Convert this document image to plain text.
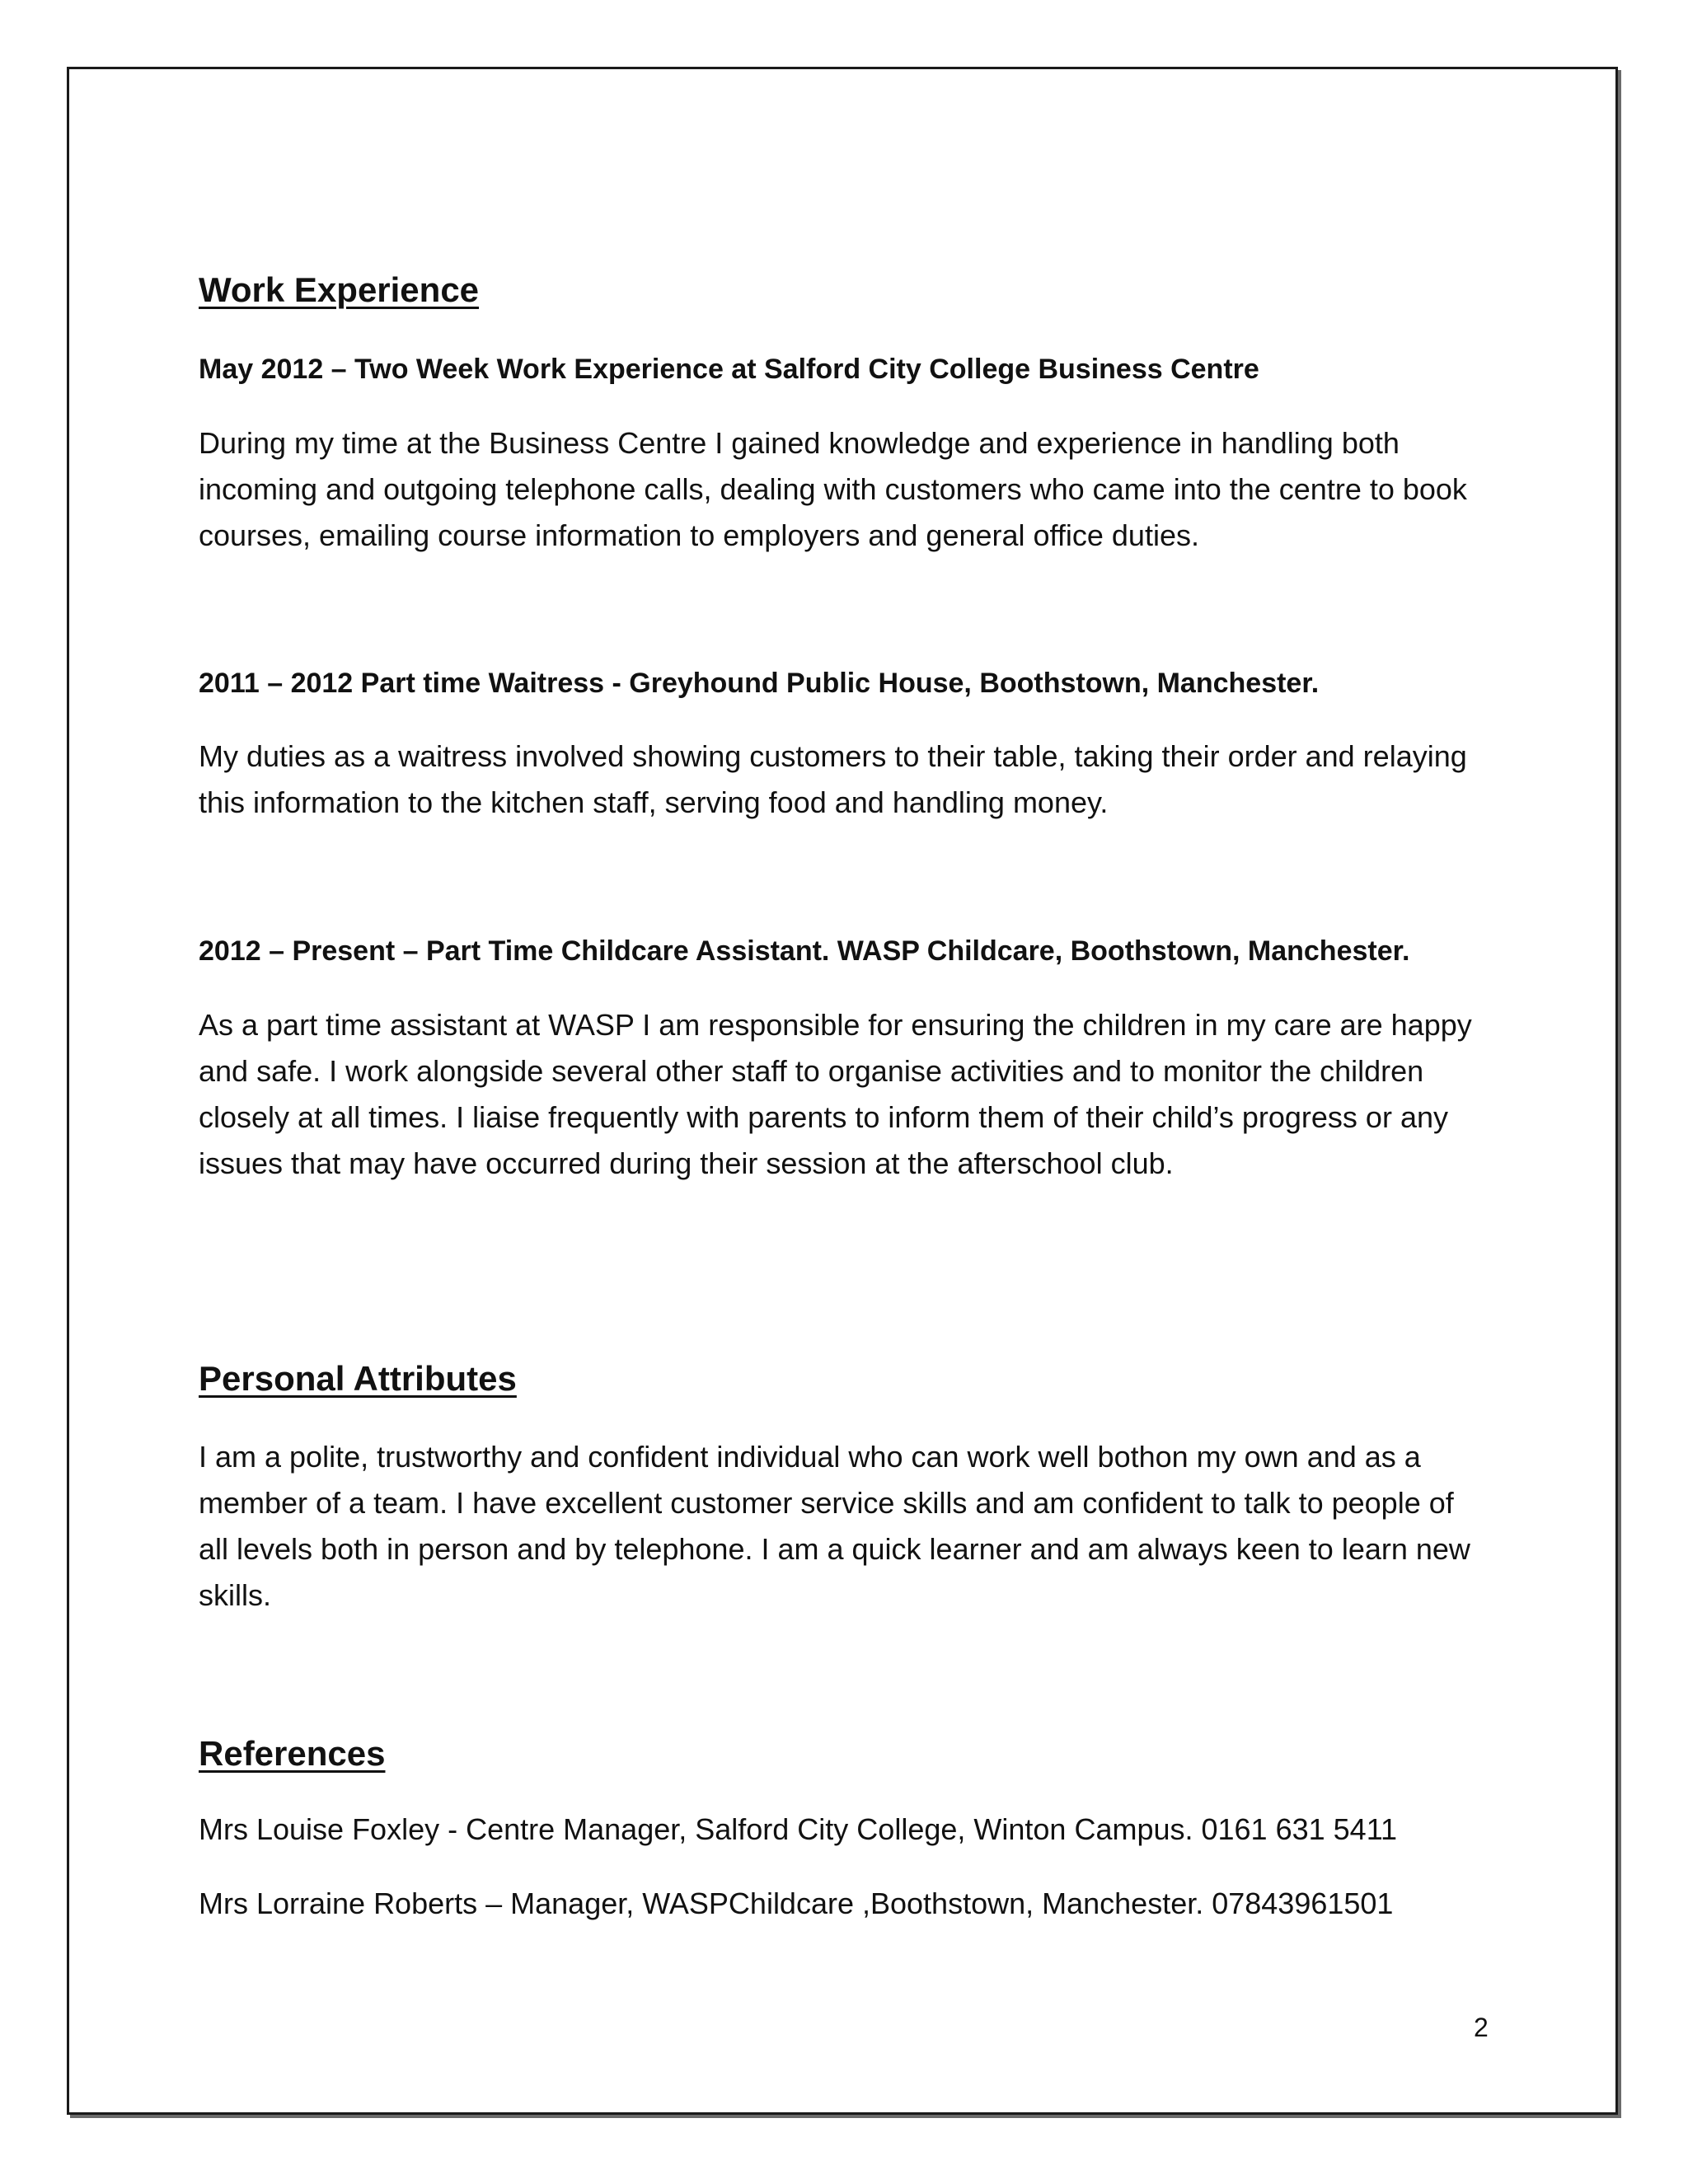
Work Experience
May 2012 – Two Week Work Experience at Salford City College Business Centre

During my time at the Business Centre I gained knowledge and experience in handling both incoming and outgoing telephone calls, dealing with customers who came into the centre to book courses, emailing course information to employers and general office duties.

2011 – 2012 Part time Waitress - Greyhound Public House, Boothstown, Manchester.

My duties as a waitress involved showing customers to their table, taking their order and relaying this information to the kitchen staff, serving food and handling money.

2012 – Present – Part Time Childcare Assistant. WASP Childcare, Boothstown, Manchester.

As a part time assistant at WASP I am responsible for ensuring the children in my care are happy and safe. I work alongside several other staff to organise activities and to monitor the children closely at all times. I liaise frequently with parents to inform them of their child’s progress or any issues that may have occurred during their session at the afterschool club.

Personal Attributes

I am a polite, trustworthy and confident individual who can work well bothon my own and as a member of a team. I have excellent customer service skills and am confident to talk to people of all levels both in person and by telephone. I am a quick learner and am always keen to learn new skills.

References
Mrs Louise Foxley - Centre Manager, Salford City College, Winton Campus. 0161 631 5411
Mrs Lorraine Roberts – Manager, WASPChildcare ,Boothstown, Manchester. 07843961501
2
